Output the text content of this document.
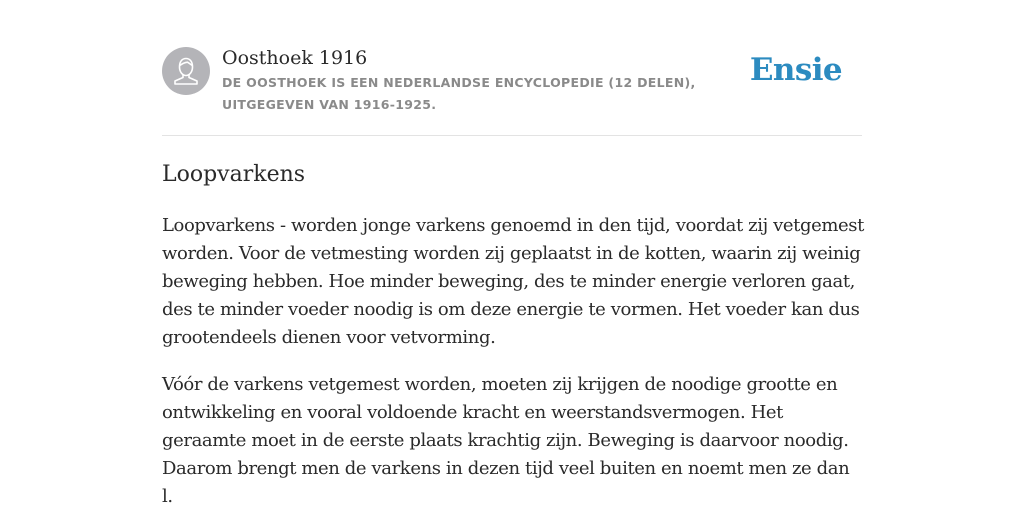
Oosthoek 1916
DE OOSTHOEK IS EEN NEDERLANDSE ENCYCLOPEDIE (12 DELEN), UITGEGEVEN VAN 1916-1925.
Ensie
Loopvarkens

Loopvarkens - worden jonge varkens genoemd in den tijd, voordat zij vetgemest worden. Voor de vetmesting worden zij geplaatst in de kotten, waarin zij weinig beweging hebben. Hoe minder beweging, des te minder energie verloren gaat, des te minder voeder noodig is om deze energie te vormen. Het voeder kan dus grootendeels dienen voor vetvorming.

Vóór de varkens vetgemest worden, moeten zij krijgen de noodige grootte en ontwikkeling en vooral voldoende kracht en weerstandsvermogen. Het geraamte moet in de eerste plaats krachtig zijn. Beweging is daarvoor noodig. Daarom brengt men de varkens in dezen tijd veel buiten en noemt men ze dan l.
